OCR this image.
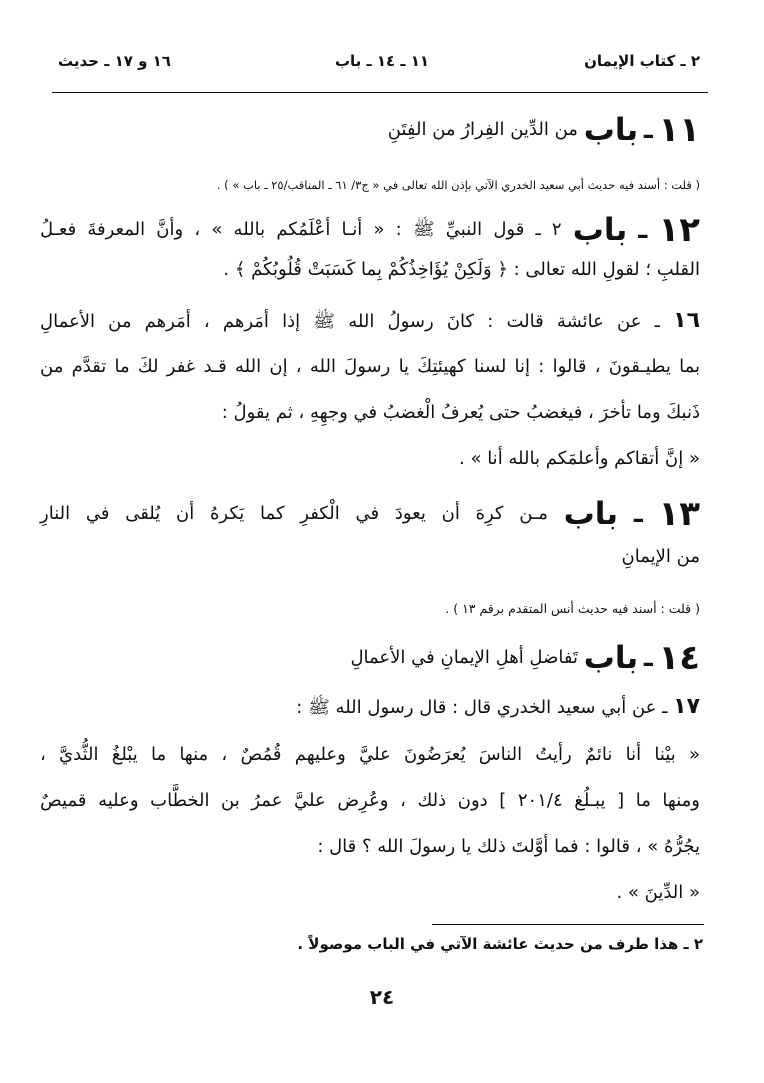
٢ ـ كتاب الإيمان
١١ ـ ١٤ ـ باب
١٦ و ١٧ ـ حديث
١١ ـ باب من الدِّين الفِرارُ من الفِتَنِ
( قلت : أسند فيه حديث أبي سعيد الخدري الآتي بإذن الله تعالى في « ج٣/ ٦١ ـ المناقب/٢٥ ـ باب » ) .
١٢ ـ باب ٢ ـ قول النبيِّ ﷺ : « أنـا أعْلَمُكم بالله » ، وأنَّ المعرفةَ فعـلُ
القلبِ ؛ لقولِ الله تعالى : ﴿ وَلَكِنْ يُؤَاخِذُكُمْ بِما كَسَبَتْ قُلُوبُكُمْ ﴾ .
١٦ ـ عن عائشة قالت : كانَ رسولُ الله ﷺ إذا أمَرهم ، أمَرهم من الأعمالِ
بما يطيـقونَ ، قالوا : إنا لسنا كهيئتِكَ يا رسولَ الله ، إن الله قـد غفر لكَ ما تقدَّم من
ذَنبكَ وما تأخرَ ، فيغضبُ حتى يُعرفُ الْغضبُ في وجهِهِ ، ثم يقولُ :
« إنَّ أتقاكم وأعلمَكم بالله أنا » .
١٣ ـ باب مـن كرِهَ أن يعودَ في الْكفرِ كما يَكرهُ أن يُلقى في النارِ
من الإيمانِ
( قلت : أسند فيه حديث أنس المتقدم برقم ١٣ ) .
١٤ ـ باب تَفاضلِ أهلِ الإيمانِ في الأعمالِ
١٧ ـ عن أبي سعيد الخدري قال : قال رسول الله ﷺ :
« بيْنا أنا نائمٌ رأيتُ الناسَ يُعرَضُونَ عليَّ وعليهم قُمُصٌ ، منها ما يبْلغُ الثُّديَّ ،
ومنها ما [ يبـلُغ ٢٠١/٤ ] دون ذلك ، وعُرِض عليَّ عمرُ بن الخطَّاب وعليه قميصٌ
يجُرُّهُ » ، قالوا : فما أوَّلتَ ذلك يا رسولَ الله ؟ قال :
« الدِّينَ » .
٢ ـ هذا طرف من حديث عائشة الآتي في الباب موصولاً .
٢٤
